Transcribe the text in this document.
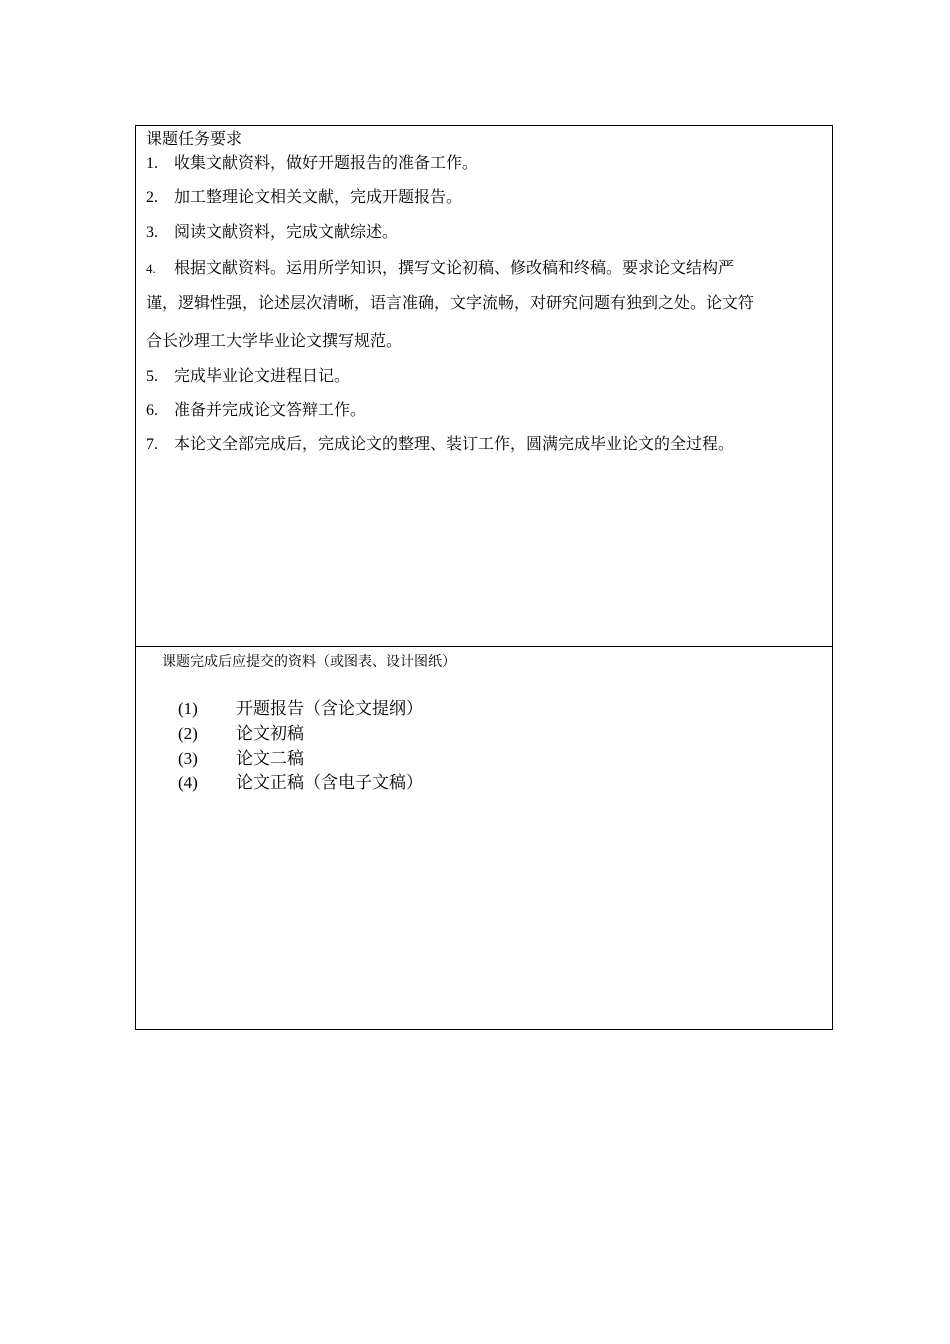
课题任务要求
1. 收集文献资料，做好开题报告的准备工作。
2. 加工整理论文相关文献，完成开题报告。
3. 阅读文献资料，完成文献综述。
4. 根据文献资料。运用所学知识，撰写文论初稿、修改稿和终稿。要求论文结构严
谨，逻辑性强，论述层次清晰，语言准确，文字流畅，对研究问题有独到之处。论文符
合长沙理工大学毕业论文撰写规范。
5. 完成毕业论文进程日记。
6. 准备并完成论文答辩工作。
7. 本论文全部完成后，完成论文的整理、装订工作，圆满完成毕业论文的全过程。
课题完成后应提交的资料（或图表、设计图纸）
(1) 开题报告（含论文提纲）
(2) 论文初稿
(3) 论文二稿
(4) 论文正稿（含电子文稿）
